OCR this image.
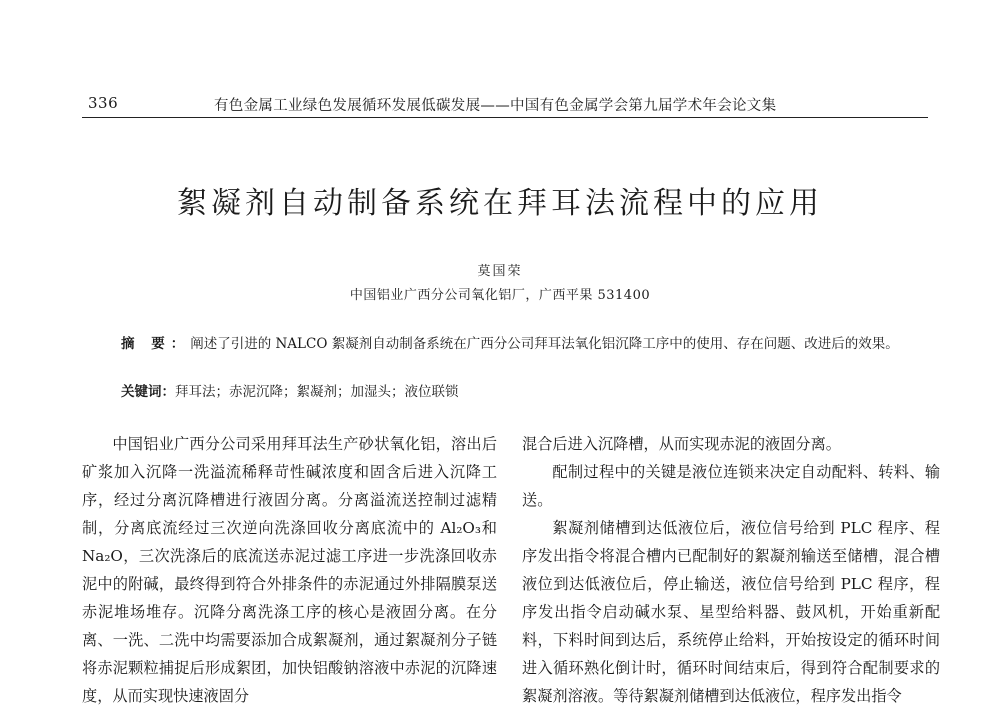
336	有色金属工业绿色发展循环发展低碳发展——中国有色金属学会第九届学术年会论文集
絮凝剂自动制备系统在拜耳法流程中的应用
莫国荣
中国铝业广西分公司氧化铝厂，广西平果 531400

摘 要：阐述了引进的 NALCO 絮凝剂自动制备系统在广西分公司拜耳法氧化铝沉降工序中的使用、存在问题、改进后的效果。

关键词：拜耳法；赤泥沉降；絮凝剂；加湿头；液位联锁

中国铝业广西分公司采用拜耳法生产砂状氧化铝，溶出后矿浆加入沉降一洗溢流稀释苛性碱浓度和固含后进入沉降工序，经过分离沉降槽进行液固分离。分离溢流送控制过滤精制，分离底流经过三次逆向洗涤回收分离底流中的 Al₂O₃和 Na₂O，三次洗涤后的底流送赤泥过滤工序进一步洗涤回收赤泥中的附碱，最终得到符合外排条件的赤泥通过外排隔膜泵送赤泥堆场堆存。沉降分离洗涤工序的核心是液固分离。在分离、一洗、二洗中均需要添加合成絮凝剂，通过絮凝剂分子链将赤泥颗粒捕捉后形成絮团，加快铝酸钠溶液中赤泥的沉降速度，从而实现快速液固分

混合后进入沉降槽，从而实现赤泥的液固分离。

配制过程中的关键是液位连锁来决定自动配料、转料、输送。

絮凝剂储槽到达低液位后，液位信号给到 PLC 程序、程序发出指令将混合槽内已配制好的絮凝剂输送至储槽，混合槽液位到达低液位后，停止输送，液位信号给到 PLC 程序，程序发出指令启动碱水泵、星型给料器、鼓风机，开始重新配料，下料时间到达后，系统停止给料，开始按设定的循环时间进入循环熟化倒计时，循环时间结束后，得到符合配制要求的絮凝剂溶液。等待絮凝剂储槽到达低液位，程序发出指令
